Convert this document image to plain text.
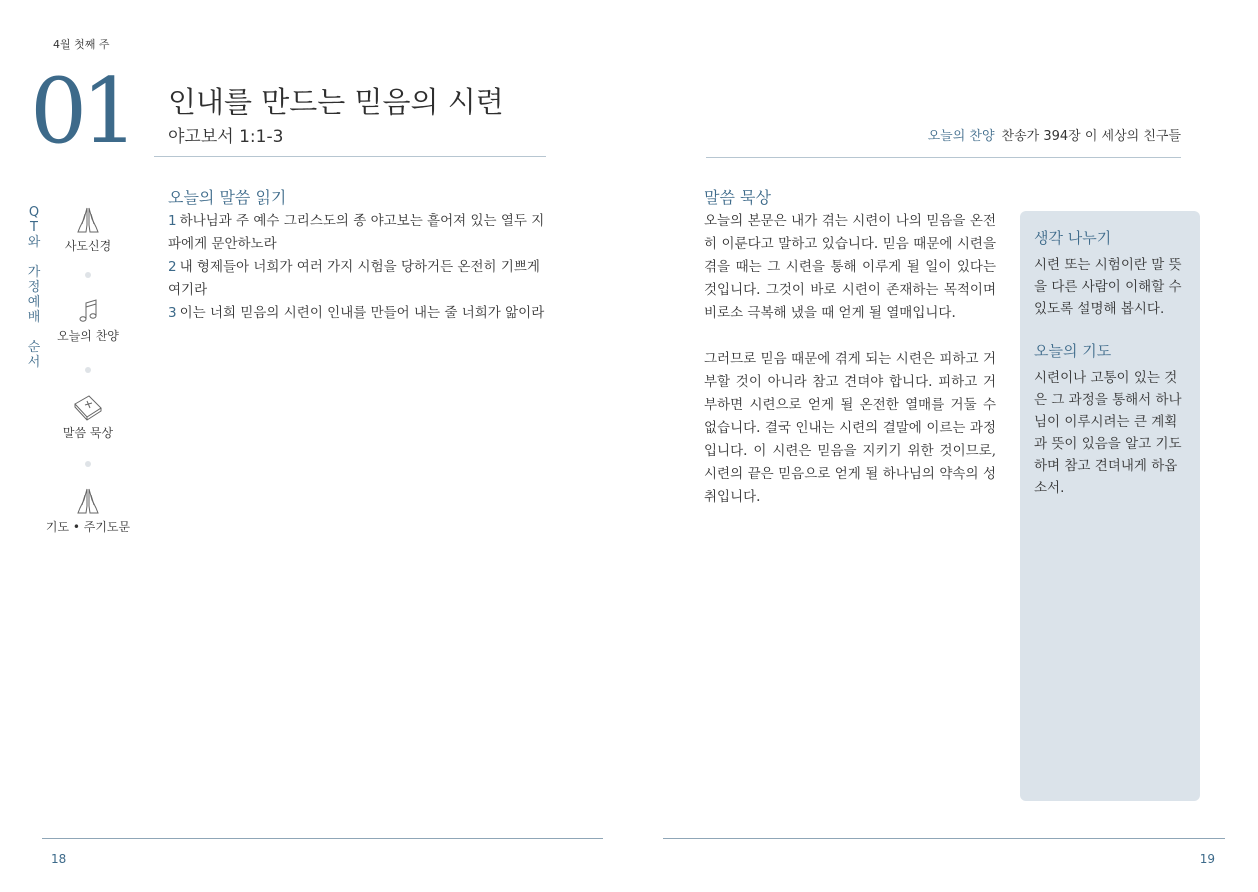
4월 첫째 주
01 인내를 만드는 믿음의 시련
야고보서 1:1-3	오늘의 찬양 찬송가 394장 이 세상의 친구들
Q
T
와
가
정
예
배
순
서
사도신경
오늘의 찬양
말씀 묵상
기도 • 주기도문
오늘의 말씀 읽기
1 하나님과 주 예수 그리스도의 종 야고보는 흩어져 있는 열두 지파에게 문안하노라
2 내 형제들아 너희가 여러 가지 시험을 당하거든 온전히 기쁘게 여기라
3 이는 너희 믿음의 시련이 인내를 만들어 내는 줄 너희가 앎이라
말씀 묵상

오늘의 본문은 내가 겪는 시련이 나의 믿음을 온전히 이룬다고 말하고 있습니다. 믿음 때문에 시련을 겪을 때는 그 시련을 통해 이루게 될 일이 있다는 것입니다. 그것이 바로 시련이 존재하는 목적이며 비로소 극복해 냈을 때 얻게 될 열매입니다.

그러므로 믿음 때문에 겪게 되는 시련은 피하고 거부할 것이 아니라 참고 견뎌야 합니다. 피하고 거부하면 시련으로 얻게 될 온전한 열매를 거둘 수 없습니다. 결국 인내는 시련의 결말에 이르는 과정입니다. 이 시련은 믿음을 지키기 위한 것이므로, 시련의 끝은 믿음으로 얻게 될 하나님의 약속의 성취입니다.

생각 나누기
시련 또는 시험이란 말 뜻을 다른 사람이 이해할 수 있도록 설명해 봅시다.
오늘의 기도
시련이나 고통이 있는 것은 그 과정을 통해서 하나님이 이루시려는 큰 계획과 뜻이 있음을 알고 기도하며 참고 견뎌내게 하옵소서.
18	19
